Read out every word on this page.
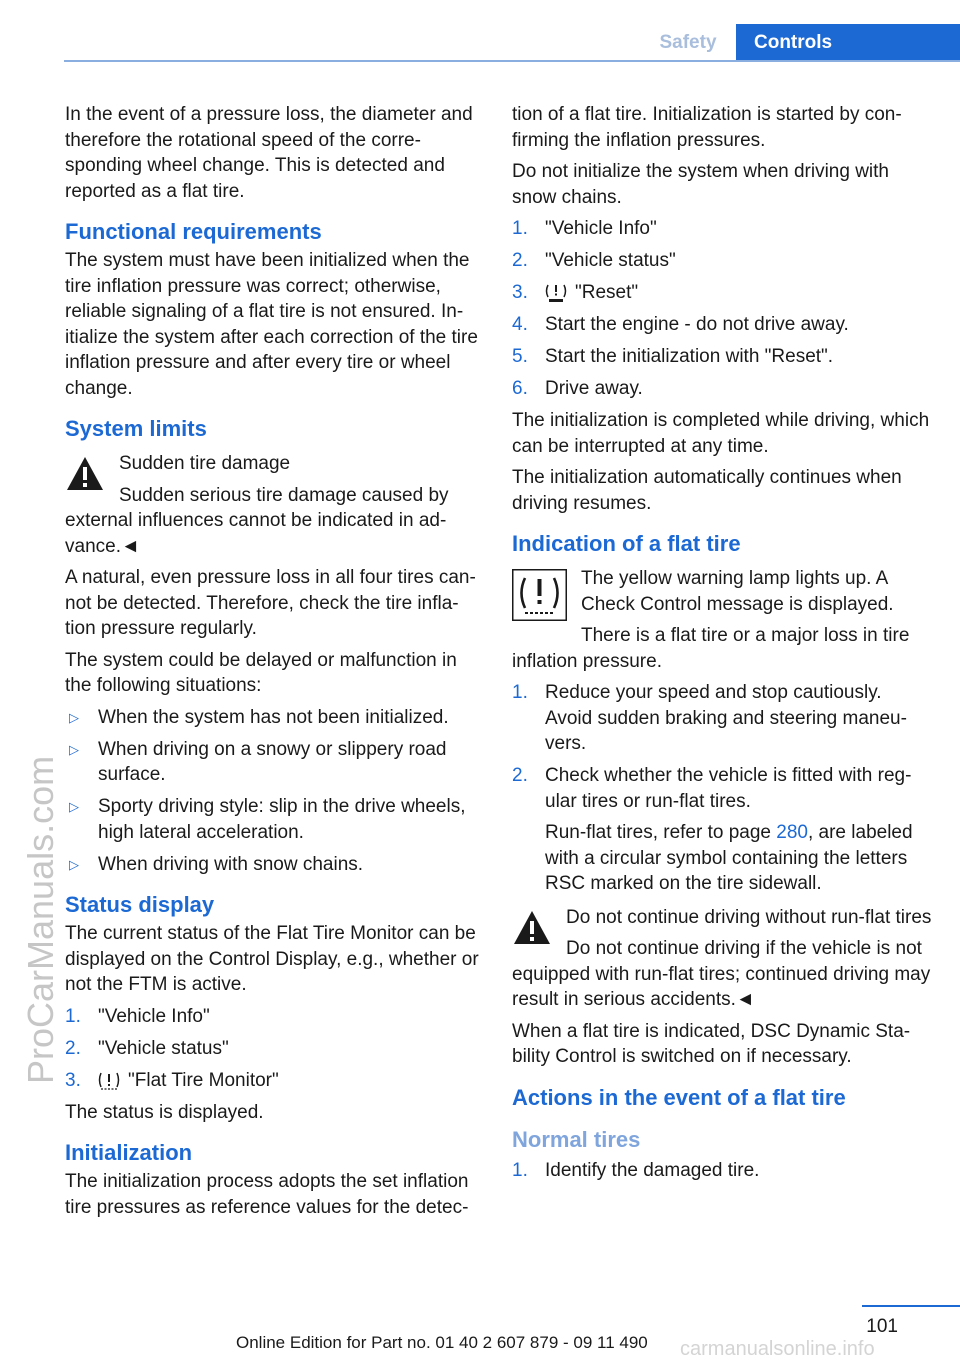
Safety	Controls
ProCarManuals.com

In the event of a pressure loss, the diameter and therefore the rotational speed of the corre-sponding wheel change. This is detected and reported as a flat tire.

Functional requirements

The system must have been initialized when the tire inflation pressure was correct; otherwise, reliable signaling of a flat tire is not ensured. In-itialize the system after each correction of the tire inflation pressure and after every tire or wheel change.

System limits

Sudden tire damage

Sudden serious tire damage caused by external influences cannot be indicated in ad-vance.◄

A natural, even pressure loss in all four tires can-not be detected. Therefore, check the tire infla-tion pressure regularly.

The system could be delayed or malfunction in the following situations:

▷ When the system has not been initialized.
▷ When driving on a snowy or slippery road surface.
▷ Sporty driving style: slip in the drive wheels, high lateral acceleration.
▷ When driving with snow chains.
Status display

The current status of the Flat Tire Monitor can be displayed on the Control Display, e.g., whether or not the FTM is active.

1. "Vehicle Info"
2. "Vehicle status"
3. "Flat Tire Monitor"

The status is displayed.

Initialization

The initialization process adopts the set inflation tire pressures as reference values for the detec-

tion of a flat tire. Initialization is started by con-firming the inflation pressures.

Do not initialize the system when driving with snow chains.

1. "Vehicle Info"
2. "Vehicle status"
3. "Reset"
4. Start the engine - do not drive away.
5. Start the initialization with "Reset".
6. Drive away.

The initialization is completed while driving, which can be interrupted at any time.

The initialization automatically continues when driving resumes.

Indication of a flat tire

The yellow warning lamp lights up. A Check Control message is displayed.

There is a flat tire or a major loss in tire inflation pressure.

1. Reduce your speed and stop cautiously. Avoid sudden braking and steering maneu-vers.
2. Check whether the vehicle is fitted with reg-ular tires or run-flat tires.

Run-flat tires, refer to page 280, are labeled with a circular symbol containing the letters RSC marked on the tire sidewall.

Do not continue driving without run-flat tires

Do not continue driving if the vehicle is not equipped with run-flat tires; continued driving may result in serious accidents.◄

When a flat tire is indicated, DSC Dynamic Sta-bility Control is switched on if necessary.

Actions in the event of a flat tire
Normal tires
1. Identify the damaged tire.
101
Online Edition for Part no. 01 40 2 607 879 - 09 11 490 carmanualsonline.info
